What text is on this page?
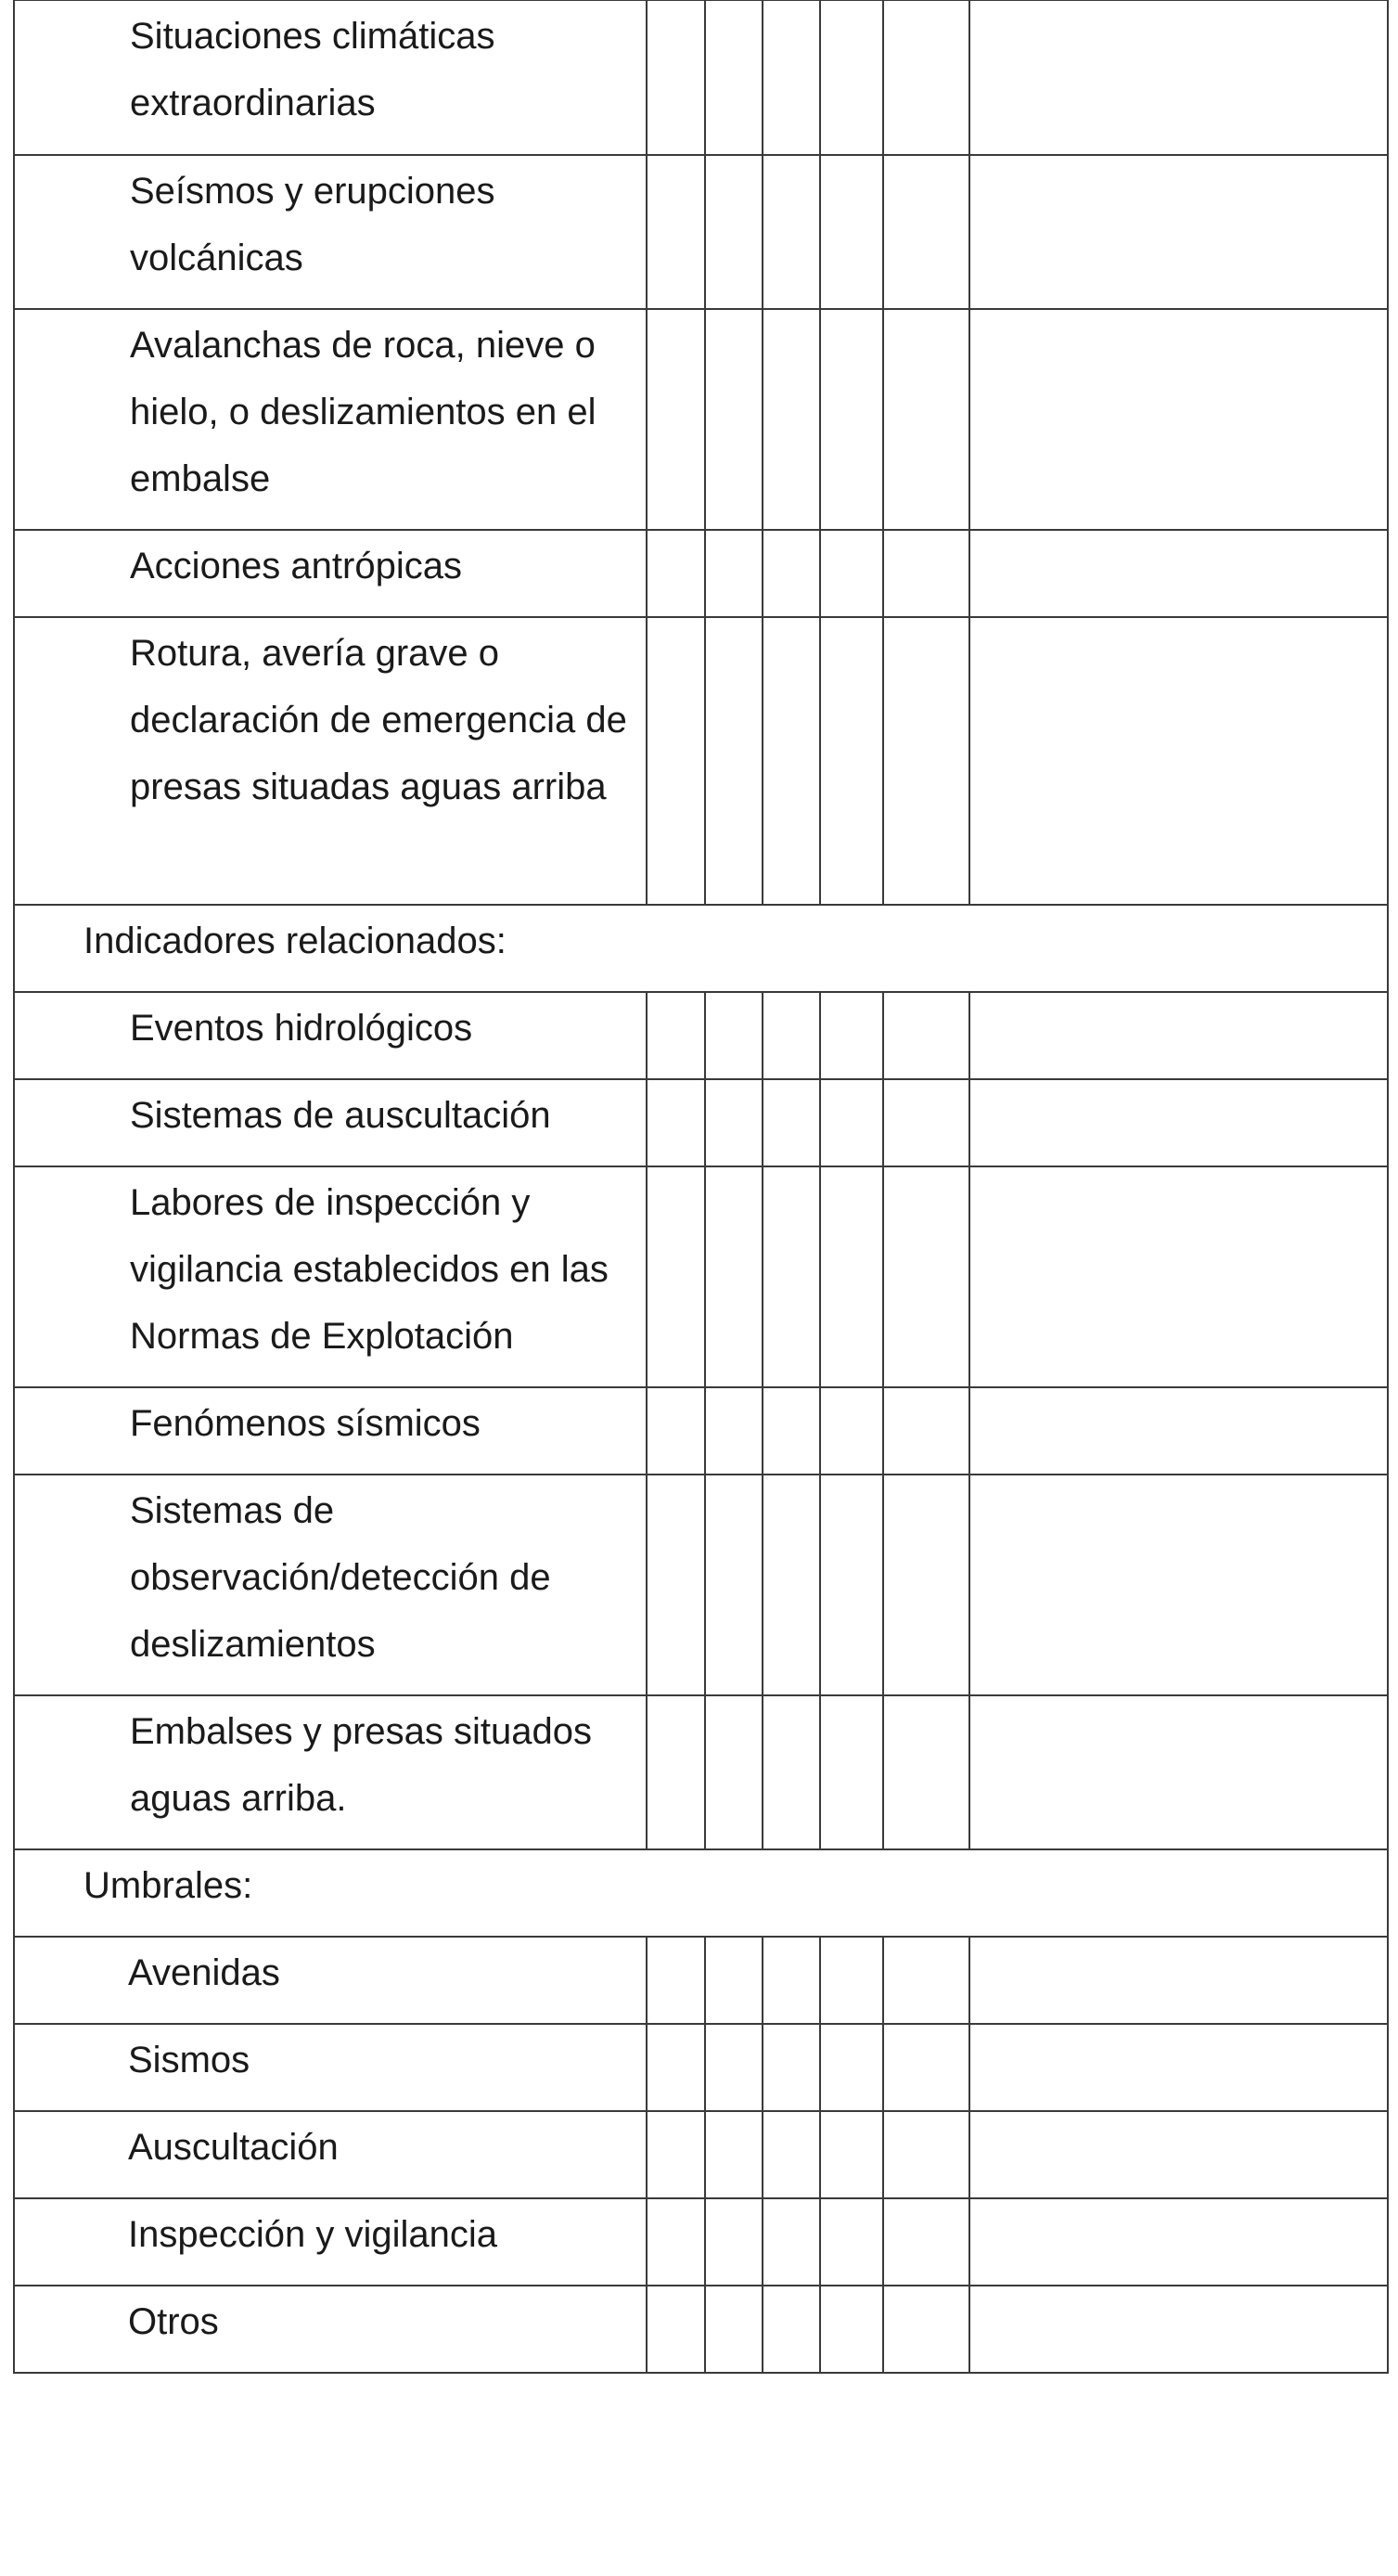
Situaciones climáticas extraordinarias						

Seísmos y erupciones volcánicas						

Avalanchas de roca, nieve o hielo, o deslizamientos en el embalse						

Acciones antrópicas						

Rotura, avería grave o declaración de emergencia de presas situadas aguas arriba						

Indicadores relacionados:						

Eventos hidrológicos						

Sistemas de auscultación						

Labores de inspección y vigilancia establecidos en las Normas de Explotación						

Fenómenos sísmicos						

Sistemas de observación/detección de deslizamientos						

Embalses y presas situados aguas arriba.						

Umbrales:						

Avenidas						

Sismos						

Auscultación						

Inspección y vigilancia						

Otros						
